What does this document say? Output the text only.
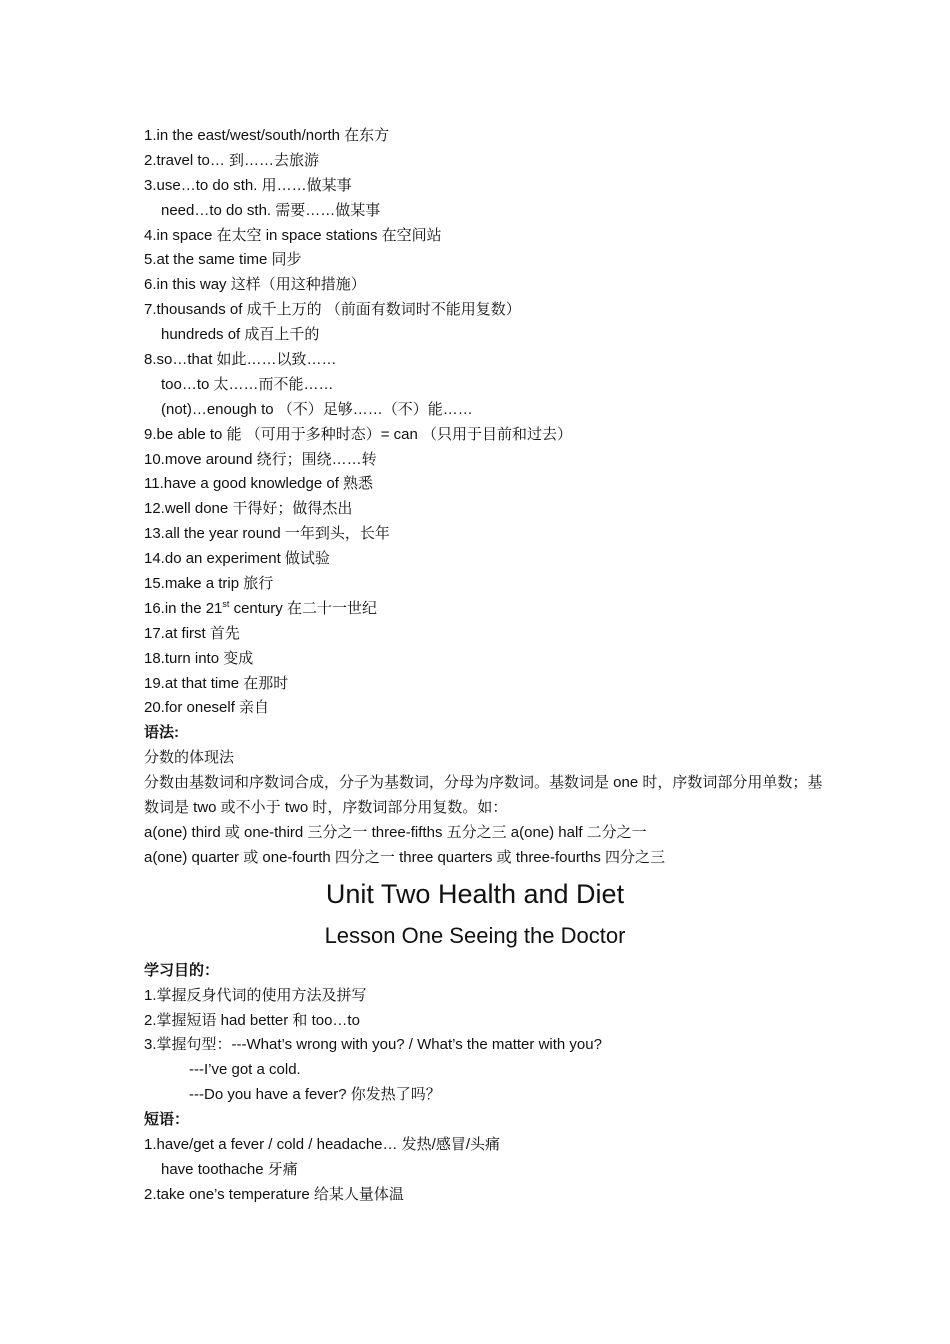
1.in the east/west/south/north 在东方
2.travel to… 到……去旅游
3.use…to do sth. 用……做某事
need…to do sth. 需要……做某事
4.in space 在太空 in space stations 在空间站
5.at the same time 同步
6.in this way 这样（用这种措施）
7.thousands of 成千上万的 （前面有数词时不能用复数）
hundreds of 成百上千的
8.so…that 如此……以致……
too…to 太……而不能……
(not)…enough to （不）足够……（不）能……
9.be able to 能 （可用于多种时态）= can （只用于目前和过去）
10.move around 绕行；围绕……转
11.have a good knowledge of 熟悉
12.well done 干得好；做得杰出
13.all the year round 一年到头，长年
14.do an experiment 做试验
15.make a trip 旅行
16.in the 21st century 在二十一世纪
17.at first 首先
18.turn into 变成
19.at that time 在那时
20.for oneself 亲自
语法:
分数的体现法
分数由基数词和序数词合成，分子为基数词，分母为序数词。基数词是 one 时，序数词部分用单数；基数词是 two 或不小于 two 时，序数词部分用复数。如：
a(one) third 或 one-third 三分之一 three-fifths 五分之三 a(one) half 二分之一
a(one) quarter 或 one-fourth 四分之一 three quarters 或 three-fourths 四分之三
Unit Two Health and Diet
Lesson One Seeing the Doctor
学习目的：
1.掌握反身代词的使用方法及拼写
2.掌握短语 had better 和 too…to
3.掌握句型：---What’s wrong with you? / What’s the matter with you?
---I’ve got a cold.
---Do you have a fever? 你发热了吗？
短语：
1.have/get a fever / cold / headache… 发热/感冒/头痛
have toothache 牙痛
2.take one’s temperature 给某人量体温
